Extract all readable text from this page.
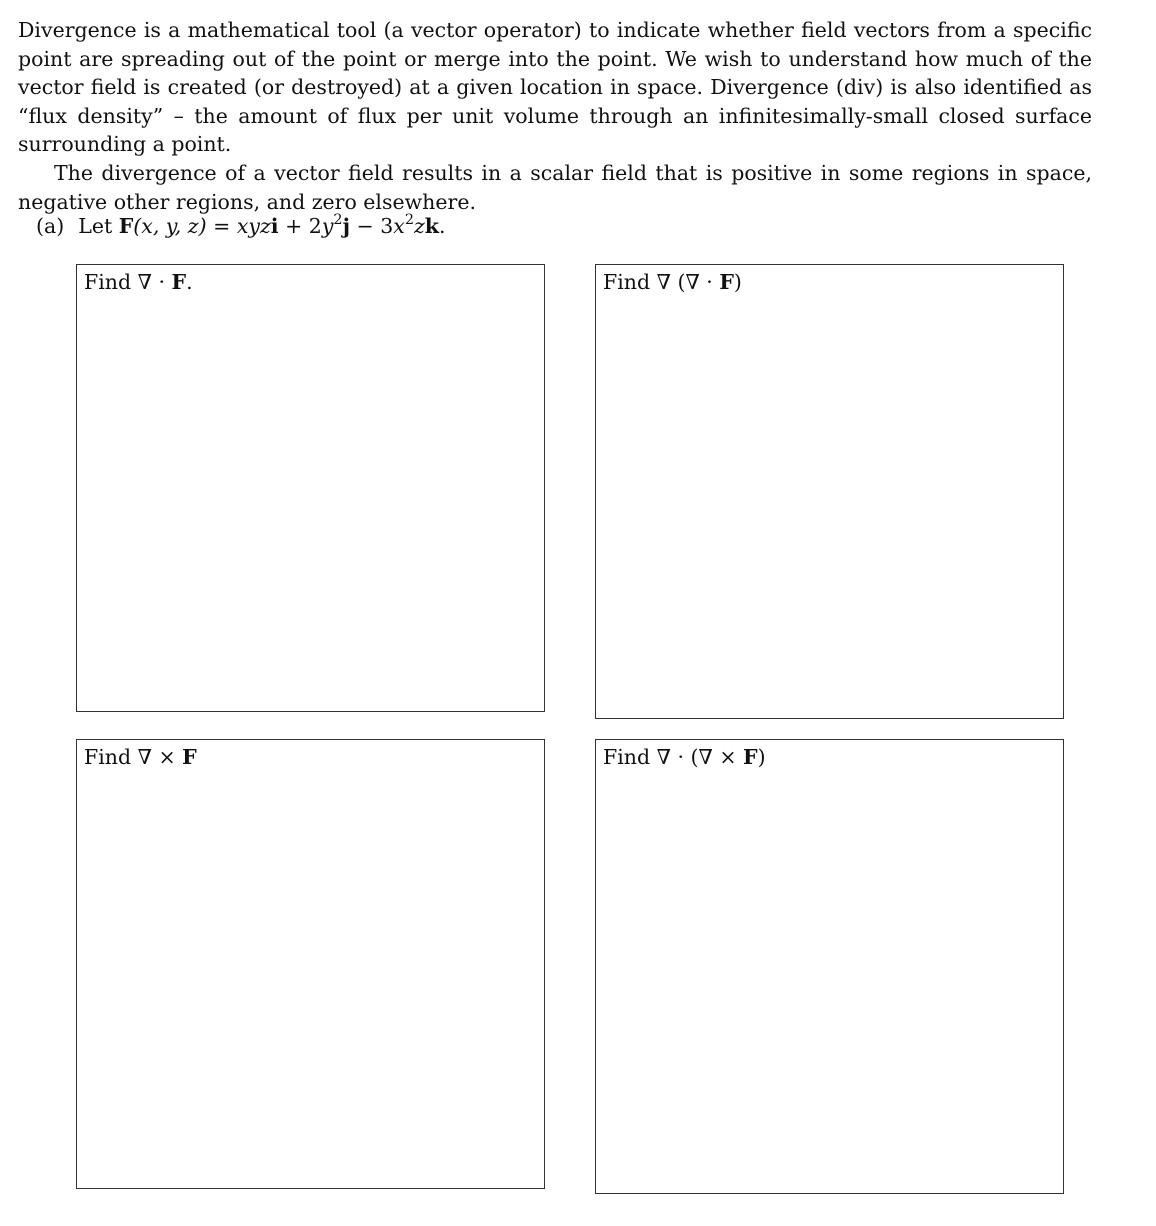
Divergence is a mathematical tool (a vector operator) to indicate whether field vectors from a specific point are spreading out of the point or merge into the point. We wish to understand how much of the vector field is created (or destroyed) at a given location in space. Divergence (div) is also identified as “flux density” – the amount of flux per unit volume through an infinitesimally-small closed surface surrounding a point.

The divergence of a vector field results in a scalar field that is positive in some regions in space, negative other regions, and zero elsewhere.

(a) Let F(x, y, z) = xyzi + $2y^2j - 3x^2zk$.
Find ∇ · F.	Find ∇ (∇ · F)
Find ∇ × F	Find ∇ · (∇ × F)
